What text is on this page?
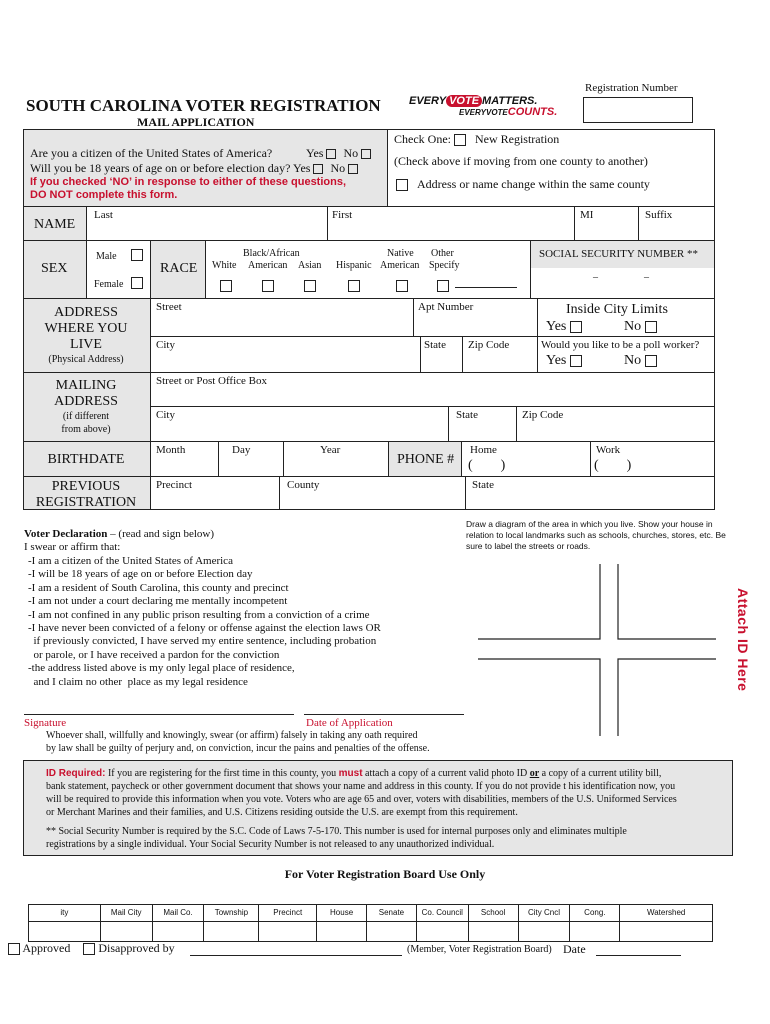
Registration Number
SOUTH CAROLINA VOTER REGISTRATION
MAIL APPLICATION
EVERY VOTE MATTERS.
EVERYVOTECOUNTS.
Are you a citizen of the United States of America?	Yes No
Will you be 18 years of age on or before election day? Yes No
If you checked ‘NO’ in response to either of these questions,
DO NOT complete this form.
Check One: New Registration
(Check above if moving from one county to another)
Address or name change within the same county
NAME
Last	First	MI	Suffix
SEX
Male
Female
RACE White
Black/African
American Asian Hispanic
Native
American
Other
Specify
SOCIAL SECURITY NUMBER **
–	–
ADDRESS
WHERE YOU
LIVE
(Physical Address)
Street	Apt Number
City	State Zip Code
Inside City Limits
Yes	No
Would you like to be a poll worker?
Yes	No
MAILING
ADDRESS
(if different
from above)
Street or Post Office Box
City	State	Zip Code
BIRTHDATE
Month	Day	Year
PHONE #
Home
(        )
Work
(        )
PREVIOUS
REGISTRATION
Precinct	County	State
Voter Declaration – (read and sign below)
I swear or affirm that:
-I am a citizen of the United States of America
-I will be 18 years of age on or before Election day
-I am a resident of South Carolina, this county and precinct
-I am not under a court declaring me mentally incompetent
-I am not confined in any public prison resulting from a conviction of a crime
-I have never been convicted of a felony or offense against the election laws OR
if previously convicted, I have served my entire sentence, including probation
or parole, or I have received a pardon for the conviction
-the address listed above is my only legal place of residence,
and I claim no other  place as my legal residence
Draw a diagram of the area in which you live. Show your house in relation to local landmarks such as schools, churches, stores, etc. Be sure to label the streets or roads.
Attach ID Here
Signature	Date of Application
Whoever shall, willfully and knowingly, swear (or affirm) falsely in taking any oath required
by law shall be guilty of perjury and, on conviction, incur the pains and penalties of the offense.
ID Required: If you are registering for the first time in this county, you must attach a copy of a current valid photo ID or a copy of a current utility bill,
bank statement, paycheck or other government document that shows your name and address in this county. If you do not provide t his identification now, you
will be required to provide this information when you vote. Voters who are age 65 and over, voters with disabilities, members of the U.S. Uniformed Services
or Merchant Marines and their families, and U.S. Citizens residing outside the U.S. are exempt from this requirement.
** Social Security Number is required by the S.C. Code of Laws 7-5-170. This number is used for internal purposes only and eliminates multiple
registrations by a single individual. Your Social Security Number is not released to any unauthorized individual.
For Voter Registration Board Use Only
ity	Mail City	Mail Co.	Township	Precinct	House	Senate	Co. Council	School	City Cncl	Cong.	Watershed
Approved Disapproved by	(Member, Voter Registration Board) Date
